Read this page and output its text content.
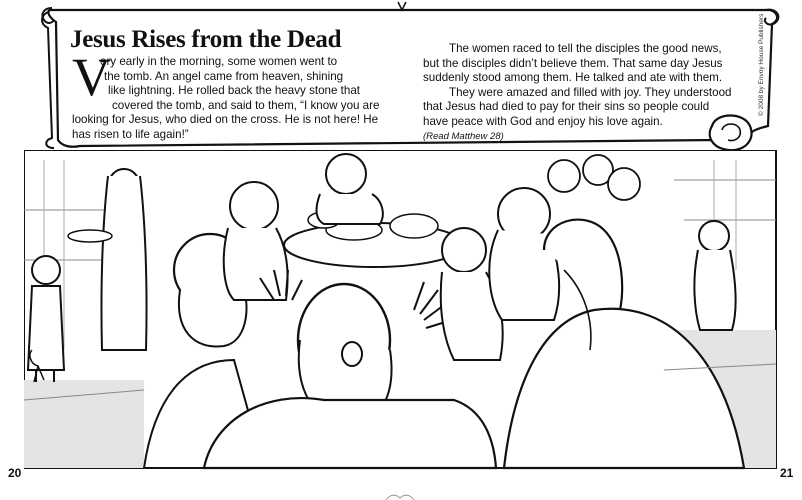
Jesus Rises from the Dead
V
ery early in the morning, some women went to
the tomb. An angel came from heaven, shining
like lightning. He rolled back the heavy stone that
covered the tomb, and said to them, “I know you are
looking for Jesus, who died on the cross. He is not here! He
has risen to life again!”
The women raced to tell the disciples the good news,
but the disciples didn’t believe them. That same day Jesus
suddenly stood among them. He talked and ate with them.
They were amazed and filled with joy. They understood
that Jesus had died to pay for their sins so people could
have peace with God and enjoy his love again.
(Read Matthew 28)
© 2008 by Envoy House Publishers
20	21
